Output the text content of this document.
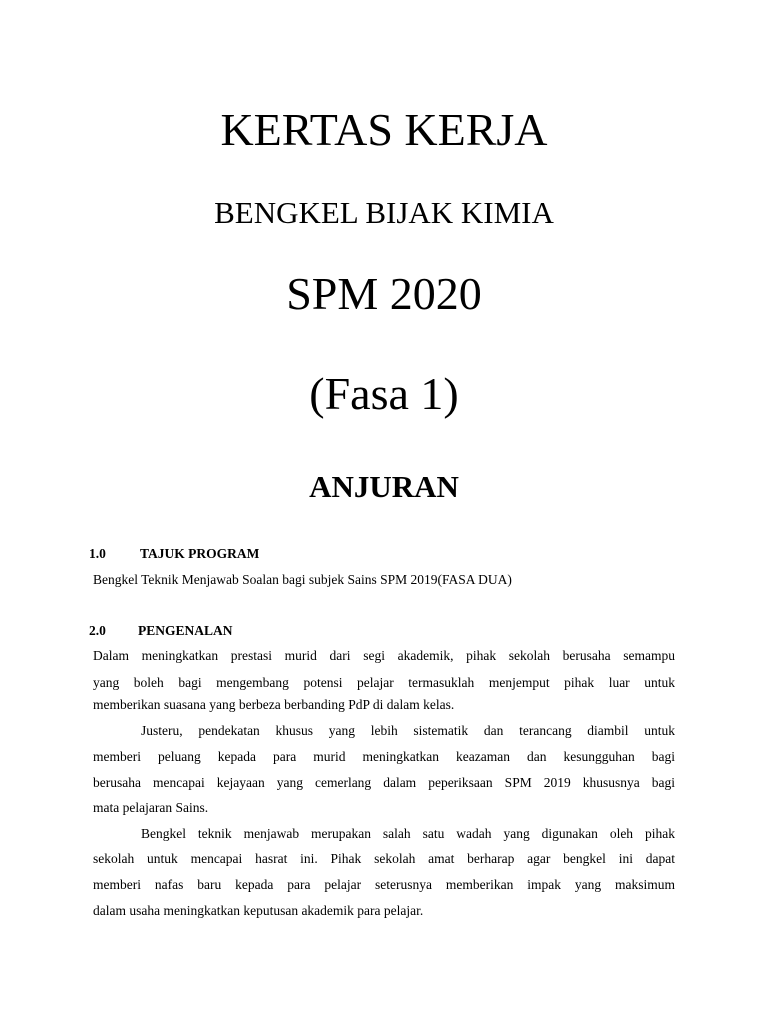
KERTAS KERJA
BENGKEL BIJAK KIMIA
SPM 2020
(Fasa 1)
ANJURAN
1.0	TAJUK PROGRAM
Bengkel Teknik Menjawab Soalan bagi subjek Sains SPM 2019(FASA DUA)
2.0 PENGENALAN
Dalam meningkatkan prestasi murid dari segi akademik, pihak sekolah berusaha semampu
yang boleh bagi mengembang potensi pelajar termasuklah menjemput pihak luar untuk
memberikan suasana yang berbeza berbanding PdP di dalam kelas.
Justeru, pendekatan khusus yang lebih sistematik dan terancang diambil untuk
memberi peluang kepada para murid meningkatkan keazaman dan kesungguhan bagi
berusaha mencapai kejayaan yang cemerlang dalam peperiksaan SPM 2019 khususnya bagi
mata pelajaran Sains.
Bengkel teknik menjawab merupakan salah satu wadah yang digunakan oleh pihak
sekolah untuk mencapai hasrat ini. Pihak sekolah amat berharap agar bengkel ini dapat
memberi nafas baru kepada para pelajar seterusnya memberikan impak yang maksimum
dalam usaha meningkatkan keputusan akademik para pelajar.
